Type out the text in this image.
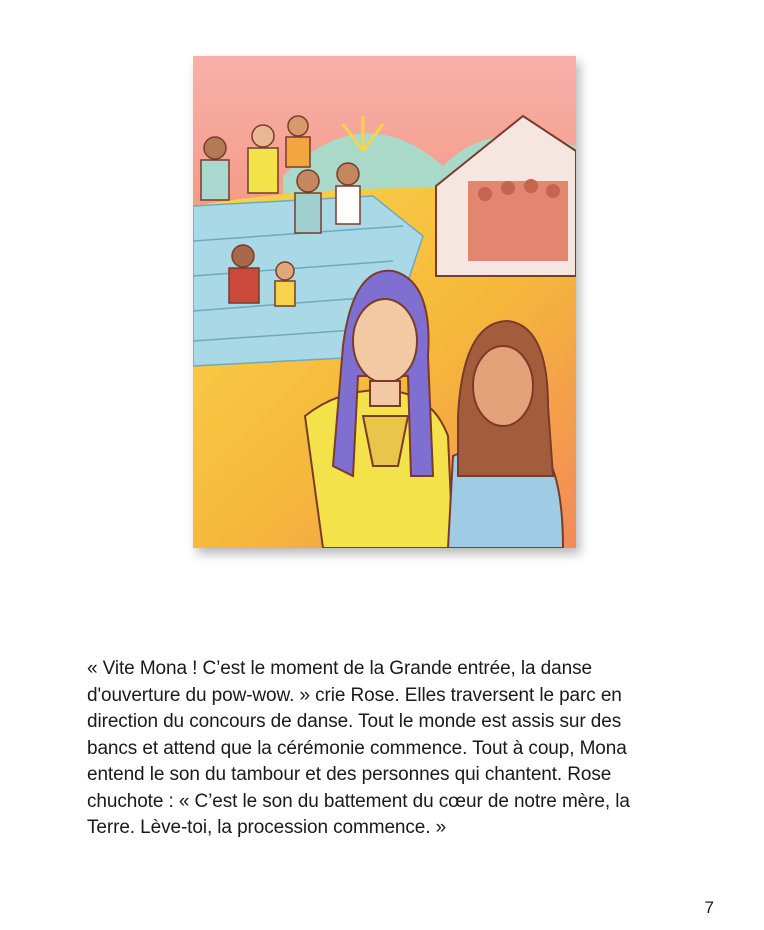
« Vite Mona ! C’est le moment de la Grande entrée, la danse

d'ouverture du pow-wow. » crie Rose. Elles traversent le parc en

direction du concours de danse. Tout le monde est assis sur des

bancs et attend que la cérémonie commence. Tout à coup, Mona

entend le son du tambour et des personnes qui chantent. Rose

chuchote : « C’est le son du battement du cœur de notre mère, la

Terre. Lève-toi, la procession commence. »

7
